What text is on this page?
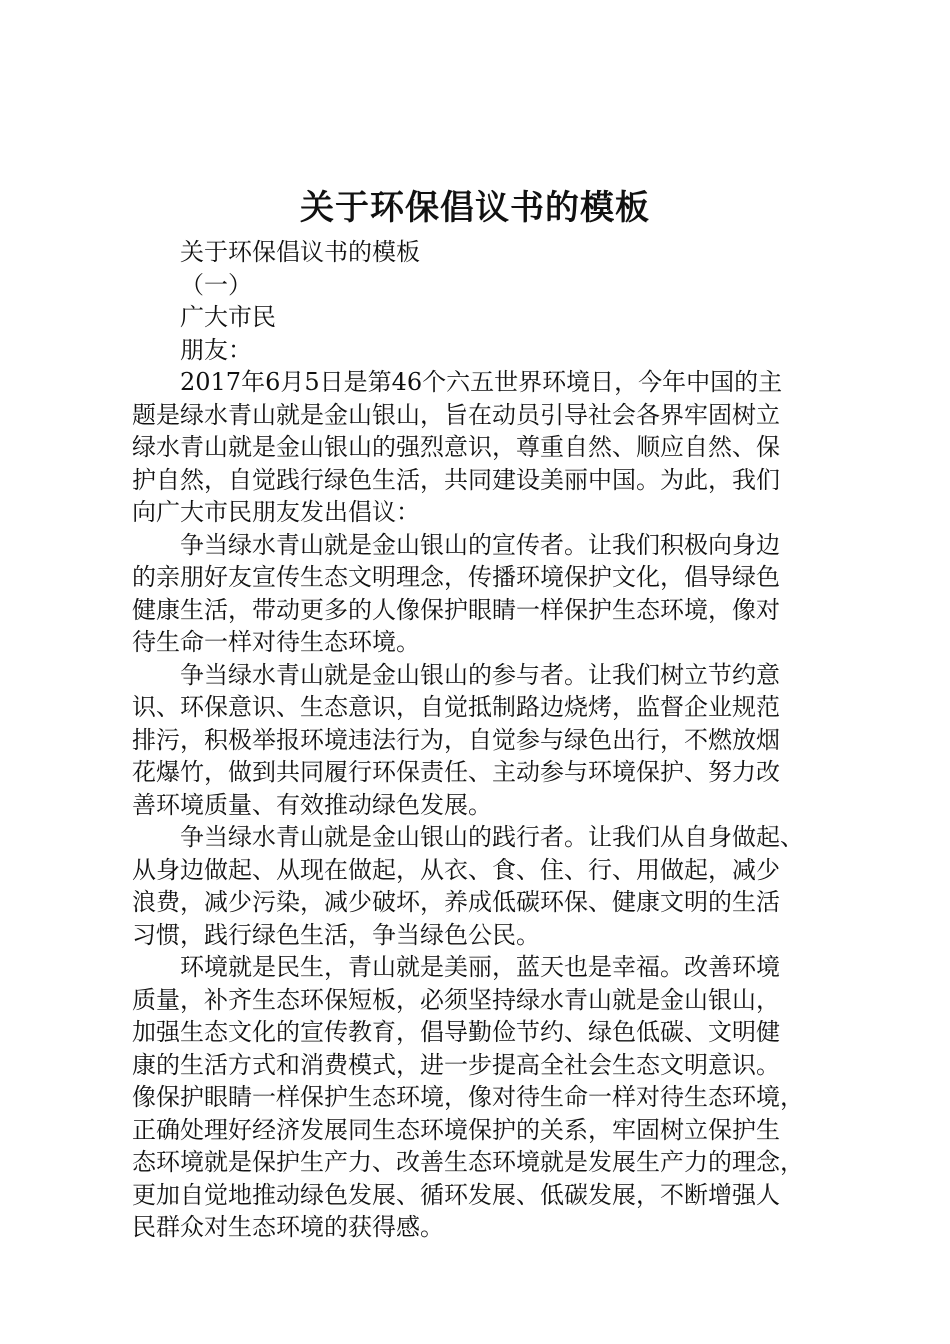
关于环保倡议书的模板

关于环保倡议书的模板

（一）

广大市民

朋友：

2017年6月5日是第46个六五世界环境日，今年中国的主

题是绿水青山就是金山银山，旨在动员引导社会各界牢固树立

绿水青山就是金山银山的强烈意识，尊重自然、顺应自然、保

护自然，自觉践行绿色生活，共同建设美丽中国。为此，我们

向广大市民朋友发出倡议：

争当绿水青山就是金山银山的宣传者。让我们积极向身边

的亲朋好友宣传生态文明理念，传播环境保护文化，倡导绿色

健康生活，带动更多的人像保护眼睛一样保护生态环境，像对

待生命一样对待生态环境。

争当绿水青山就是金山银山的参与者。让我们树立节约意

识、环保意识、生态意识，自觉抵制路边烧烤，监督企业规范

排污，积极举报环境违法行为，自觉参与绿色出行，不燃放烟

花爆竹，做到共同履行环保责任、主动参与环境保护、努力改

善环境质量、有效推动绿色发展。

争当绿水青山就是金山银山的践行者。让我们从自身做起、

从身边做起、从现在做起，从衣、食、住、行、用做起，减少

浪费，减少污染，减少破坏，养成低碳环保、健康文明的生活

习惯，践行绿色生活，争当绿色公民。

环境就是民生，青山就是美丽，蓝天也是幸福。改善环境

质量，补齐生态环保短板，必须坚持绿水青山就是金山银山，

加强生态文化的宣传教育，倡导勤俭节约、绿色低碳、文明健

康的生活方式和消费模式，进一步提高全社会生态文明意识。

像保护眼睛一样保护生态环境，像对待生命一样对待生态环境，

正确处理好经济发展同生态环境保护的关系，牢固树立保护生

态环境就是保护生产力、改善生态环境就是发展生产力的理念，

更加自觉地推动绿色发展、循环发展、低碳发展，不断增强人

民群众对生态环境的获得感。
